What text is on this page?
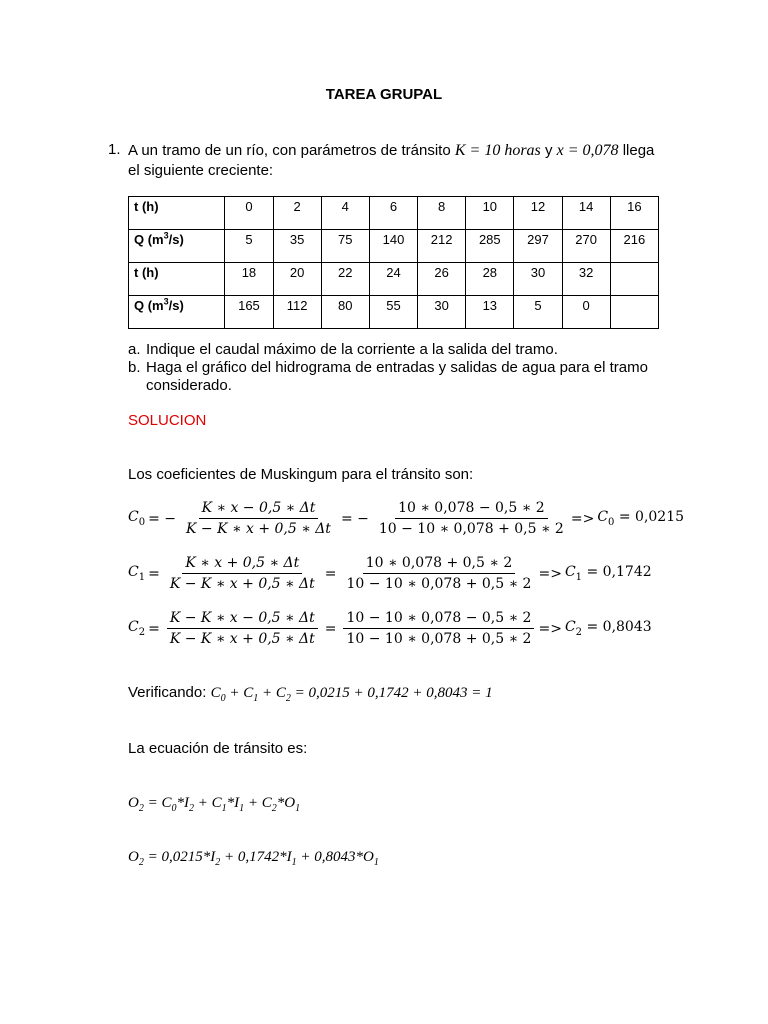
TAREA GRUPAL
1. A un tramo de un río, con parámetros de tránsito K = 10 horas y x = 0,078 llega el siguiente creciente:
t (h)	0	2	4	6	8	10	12	14	16
Q $(m^3/s)$	5	35	75	140	212	285	297	270	216
t (h)	18	20	22	24	26	28	30	32	
Q $(m^3/s)$	165	112	80	55	30	13	5	0	
a. Indique el caudal máximo de la corriente a la salida del tramo.
b. Haga el gráfico del hidrograma de entradas y salidas de agua para el tramo considerado.
SOLUCION
Los coeficientes de Muskingum para el tránsito son:
$C_0$ = − $\frac{K ∗ x - 0,5 ∗ \Delta t}{K - K ∗ x + 0,5 ∗ \Delta t}$ = − $\frac{10 ∗ 0,078 - 0,5 ∗ 2}{10 - 10 ∗ 0,078 + 0,5 ∗ 2} => C_0 = 0,0215$
$C_1 = \frac{K ∗ x + 0,5 ∗ \Delta t}{K - K ∗ x + 0,5 ∗ \Delta t} = \frac{10 ∗ 0,078 + 0,5 ∗ 2}{10 - 10 ∗ 0,078 + 0,5 ∗ 2} => C_1 = 0,1742$
$C_2 = \frac{K - K ∗ x - 0,5 ∗ \Delta t}{K - K ∗ x + 0,5 ∗ \Delta t} = \frac{10 - 10 ∗ 0,078 - 0,5 ∗ 2}{10 - 10 ∗ 0,078 + 0,5 ∗ 2} => C_2 = 0,8043$
Verificando: $C_0 + C_1 + C_2 = 0,0215 + 0,1742 + 0,8043 = 1$
La ecuación de tránsito es:
$O_2 = C_0*I_2 + C_1*I_1 + C_2*O_1$
$O_2 = 0,0215*I_2 + 0,1742*I_1 + 0,8043*O_1$
